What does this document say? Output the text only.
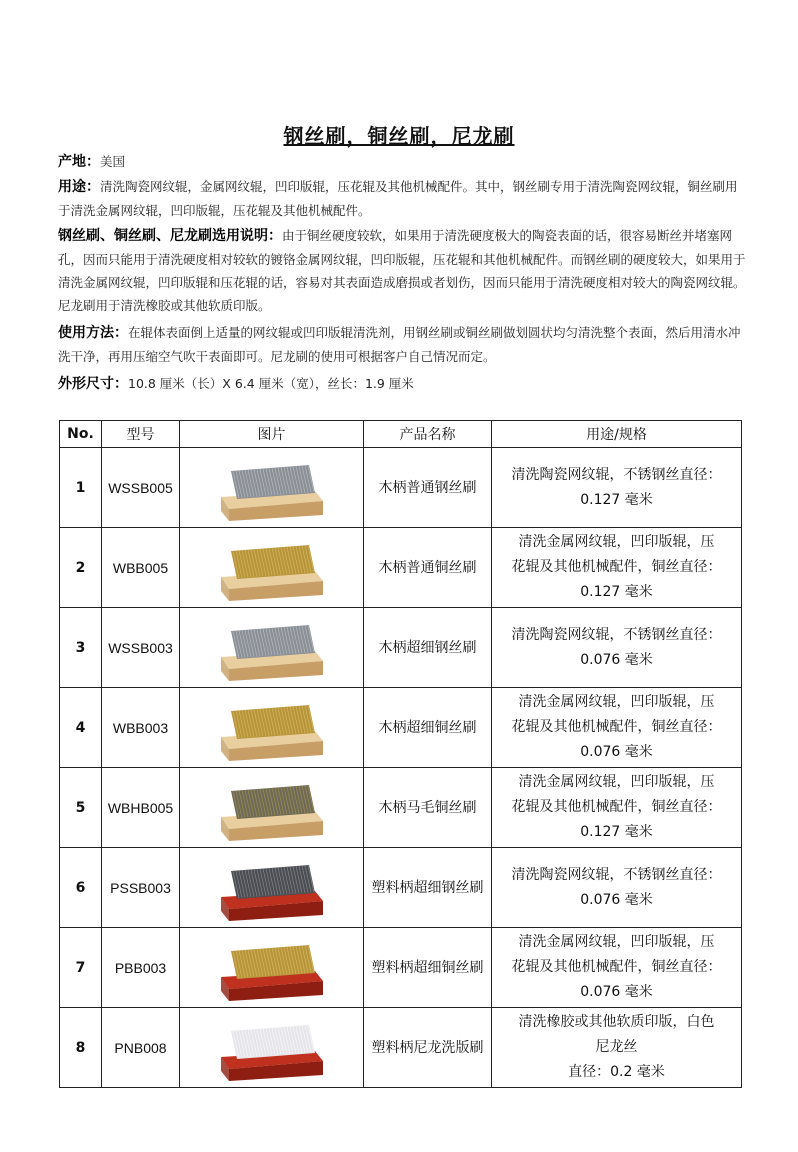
钢丝刷，铜丝刷，尼龙刷
产地：美国
用途：清洗陶瓷网纹辊，金属网纹辊，凹印版辊，压花辊及其他机械配件。其中，钢丝刷专用于清洗陶瓷网纹辊，铜丝刷用于清洗金属网纹辊，凹印版辊，压花辊及其他机械配件。
钢丝刷、铜丝刷、尼龙刷选用说明：由于铜丝硬度较软，如果用于清洗硬度极大的陶瓷表面的话，很容易断丝并堵塞网孔，因而只能用于清洗硬度相对较软的镀铬金属网纹辊，凹印版辊，压花辊和其他机械配件。而钢丝刷的硬度较大，如果用于清洗金属网纹辊，凹印版辊和压花辊的话，容易对其表面造成磨损或者划伤，因而只能用于清洗硬度相对较大的陶瓷网纹辊。尼龙刷用于清洗橡胶或其他软质印版。
使用方法：在辊体表面倒上适量的网纹辊或凹印版辊清洗剂，用钢丝刷或铜丝刷做划圆状均匀清洗整个表面，然后用清水冲洗干净，再用压缩空气吹干表面即可。尼龙刷的使用可根据客户自己情况而定。
外形尺寸：10.8 厘米（长）X 6.4 厘米（宽），丝长：1.9 厘米
No.	型号	图片	产品名称	用途/规格
1	WSSB005		木柄普通钢丝刷	清洗陶瓷网纹辊，不锈钢丝直径：
0.127 毫米

2	WBB005		木柄普通铜丝刷	清洗金属网纹辊，凹印版辊，压
花辊及其他机械配件，铜丝直径：
0.127 毫米

3	WSSB003		木柄超细钢丝刷	清洗陶瓷网纹辊，不锈钢丝直径：
0.076 毫米

4	WBB003		木柄超细铜丝刷	清洗金属网纹辊，凹印版辊，压
花辊及其他机械配件，铜丝直径：
0.076 毫米

5	WBHB005		木柄马毛铜丝刷	清洗金属网纹辊，凹印版辊，压
花辊及其他机械配件，铜丝直径：
0.127 毫米

6	PSSB003		塑料柄超细钢丝刷	清洗陶瓷网纹辊，不锈钢丝直径：
0.076 毫米

7	PBB003		塑料柄超细铜丝刷	清洗金属网纹辊，凹印版辊，压
花辊及其他机械配件，铜丝直径：
0.076 毫米

8	PNB008		塑料柄尼龙洗版刷	清洗橡胶或其他软质印版，白色
尼龙丝
直径：0.2 毫米
